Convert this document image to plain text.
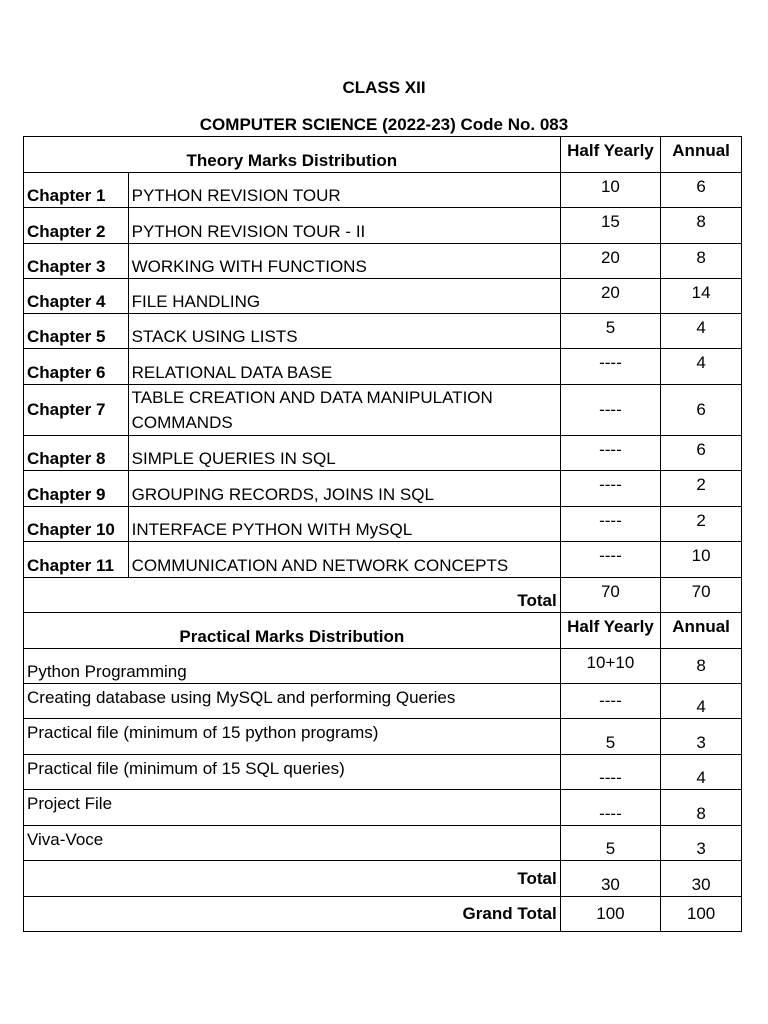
CLASS XII
COMPUTER SCIENCE (2022-23) Code No. 083
Theory Marks Distribution		Half Yearly	Annual
Chapter 1	PYTHON REVISION TOUR	10	6
Chapter 2	PYTHON REVISION TOUR - II	15	8
Chapter 3	WORKING WITH FUNCTIONS	20	8
Chapter 4	FILE HANDLING	20	14
Chapter 5	STACK USING LISTS	5	4
Chapter 6	RELATIONAL DATA BASE	----	4
Chapter 7	TABLE CREATION AND DATA MANIPULATION COMMANDS	----	6
Chapter 8	SIMPLE QUERIES IN SQL	----	6
Chapter 9	GROUPING RECORDS, JOINS IN SQL	----	2
Chapter 10	INTERFACE PYTHON WITH MySQL	----	2
Chapter 11	COMMUNICATION AND NETWORK CONCEPTS	----	10
Total		70	70
Practical Marks Distribution		Half Yearly	Annual
Python Programming		10+10	8
Creating database using MySQL and performing Queries		----	4
Practical file (minimum of 15 python programs)		5	3
Practical file (minimum of 15 SQL queries)		----	4
Project File		----	8
Viva-Voce		5	3
Total		30	30
Grand Total		100	100
